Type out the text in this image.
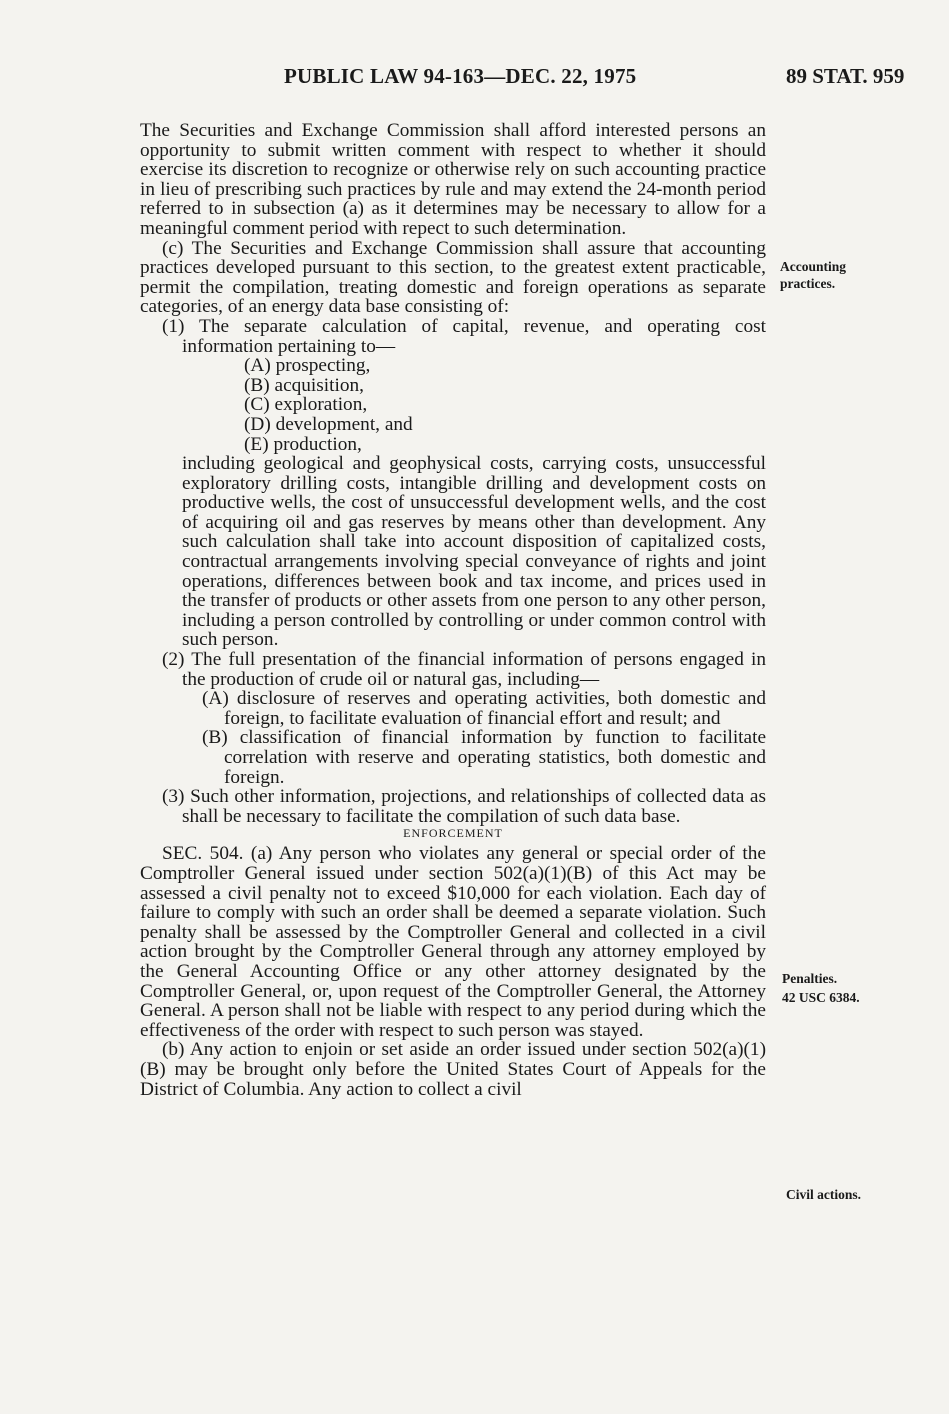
PUBLIC LAW 94-163—DEC. 22, 1975	89 STAT. 959

The Securities and Exchange Commission shall afford interested persons an opportunity to submit written comment with respect to whether it should exercise its discretion to recognize or otherwise rely on such accounting practice in lieu of prescribing such practices by rule and may extend the 24-month period referred to in subsection (a) as it determines may be necessary to allow for a meaningful comment period with repect to such determination.

(c) The Securities and Exchange Commission shall assure that accounting practices developed pursuant to this section, to the greatest extent practicable, permit the compilation, treating domestic and foreign operations as separate categories, of an energy data base consisting of:

(1) The separate calculation of capital, revenue, and operating cost information pertaining to—

(A) prospecting,
(B) acquisition,
(C) exploration,
(D) development, and
(E) production,

including geological and geophysical costs, carrying costs, unsuccessful exploratory drilling costs, intangible drilling and development costs on productive wells, the cost of unsuccessful development wells, and the cost of acquiring oil and gas reserves by means other than development. Any such calculation shall take into account disposition of capitalized costs, contractual arrangements involving special conveyance of rights and joint operations, differences between book and tax income, and prices used in the transfer of products or other assets from one person to any other person, including a person controlled by controlling or under common control with such person.

(2) The full presentation of the financial information of persons engaged in the production of crude oil or natural gas, including—

(A) disclosure of reserves and operating activities, both domestic and foreign, to facilitate evaluation of financial effort and result; and

(B) classification of financial information by function to facilitate correlation with reserve and operating statistics, both domestic and foreign.

(3) Such other information, projections, and relationships of collected data as shall be necessary to facilitate the compilation of such data base.

ENFORCEMENT

SEC. 504. (a) Any person who violates any general or special order of the Comptroller General issued under section 502(a)(1)(B) of this Act may be assessed a civil penalty not to exceed $10,000 for each violation. Each day of failure to comply with such an order shall be deemed a separate violation. Such penalty shall be assessed by the Comptroller General and collected in a civil action brought by the Comptroller General through any attorney employed by the General Accounting Office or any other attorney designated by the Comptroller General, or, upon request of the Comptroller General, the Attorney General. A person shall not be liable with respect to any period during which the effectiveness of the order with respect to such person was stayed.

(b) Any action to enjoin or set aside an order issued under section 502(a)(1)(B) may be brought only before the United States Court of Appeals for the District of Columbia. Any action to collect a civil

Accounting practices.
Penalties.
42 USC 6384.
Civil actions.
